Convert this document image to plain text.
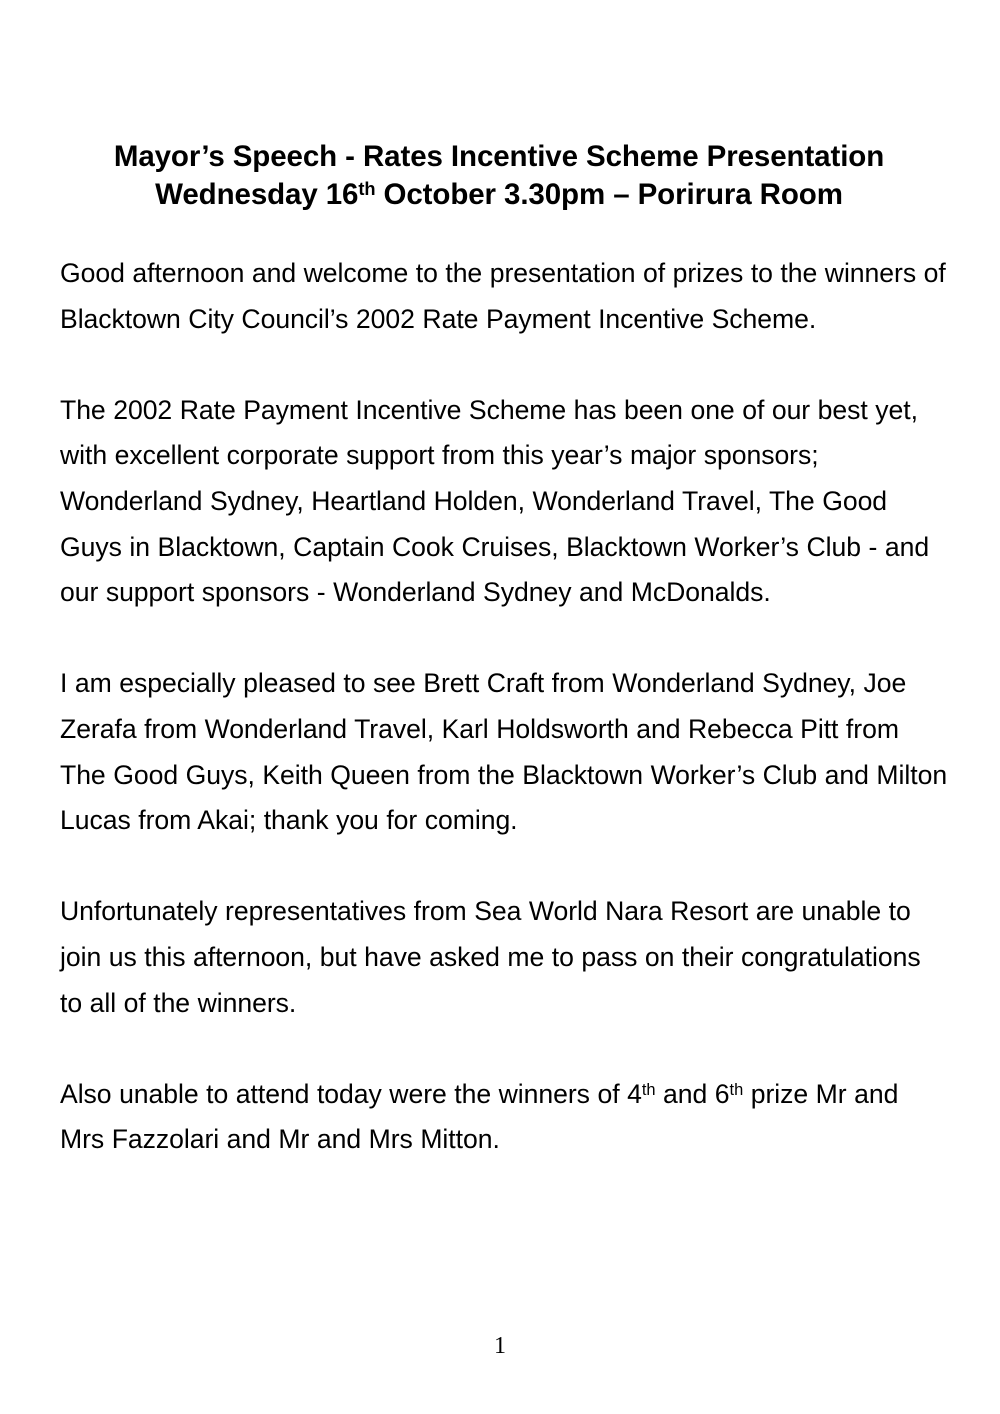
Mayor’s Speech - Rates Incentive Scheme Presentation
Wednesday 16th October 3.30pm – Porirura Room

Good afternoon and welcome to the presentation of prizes to the winners of Blacktown City Council’s 2002 Rate Payment Incentive Scheme.

The 2002 Rate Payment Incentive Scheme has been one of our best yet, with excellent corporate support from this year’s major sponsors; Wonderland Sydney, Heartland Holden, Wonderland Travel, The Good Guys in Blacktown, Captain Cook Cruises, Blacktown Worker’s Club - and our support sponsors - Wonderland Sydney and McDonalds.

I am especially pleased to see Brett Craft from Wonderland Sydney, Joe Zerafa from Wonderland Travel, Karl Holdsworth and Rebecca Pitt from The Good Guys, Keith Queen from the Blacktown Worker’s Club and Milton Lucas from Akai; thank you for coming.

Unfortunately representatives from Sea World Nara Resort are unable to join us this afternoon, but have asked me to pass on their congratulations to all of the winners.

Also unable to attend today were the winners of 4th and 6th prize Mr and Mrs Fazzolari and Mr and Mrs Mitton.

1
